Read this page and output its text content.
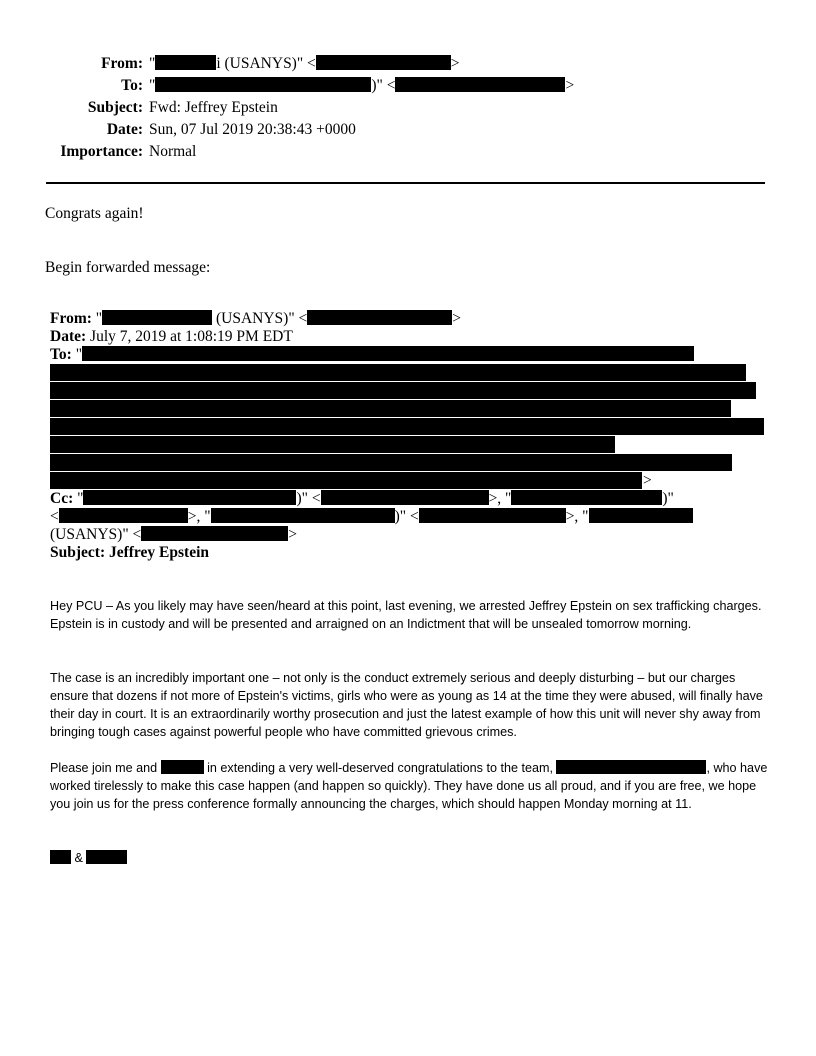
From: "	i (USANYS)" <	>
To: "	)" <	>
Subject: Fwd: Jeffrey Epstein
Date: Sun, 07 Jul 2019 20:38:43 +0000
Importance: Normal
Congrats again!
Begin forwarded message:
From: "	(USANYS)" <	>
Date: July 7, 2019 at 1:08:19 PM EDT
To: "
>
Cc: "	)" <	>, "	)"
<	>, "	)" <	>, "
(USANYS)" <	>
Subject: Jeffrey Epstein

Hey PCU – As you likely may have seen/heard at this point, last evening, we arrested Jeffrey Epstein on sex trafficking charges. Epstein is in custody and will be presented and arraigned on an Indictment that will be unsealed tomorrow morning.

The case is an incredibly important one – not only is the conduct extremely serious and deeply disturbing – but our charges ensure that dozens if not more of Epstein's victims, girls who were as young as 14 at the time they were abused, will finally have their day in court. It is an extraordinarily worthy prosecution and just the latest example of how this unit will never shy away from bringing tough cases against powerful people who have committed grievous crimes.

Please join me and	in extending a very well-deserved congratulations to the team,	, who have worked tirelessly to make this case happen (and happen so quickly). They have done us all proud, and if you are free, we hope you join us for the press conference formally announcing the charges, which should happen Monday morning at 11.

&
